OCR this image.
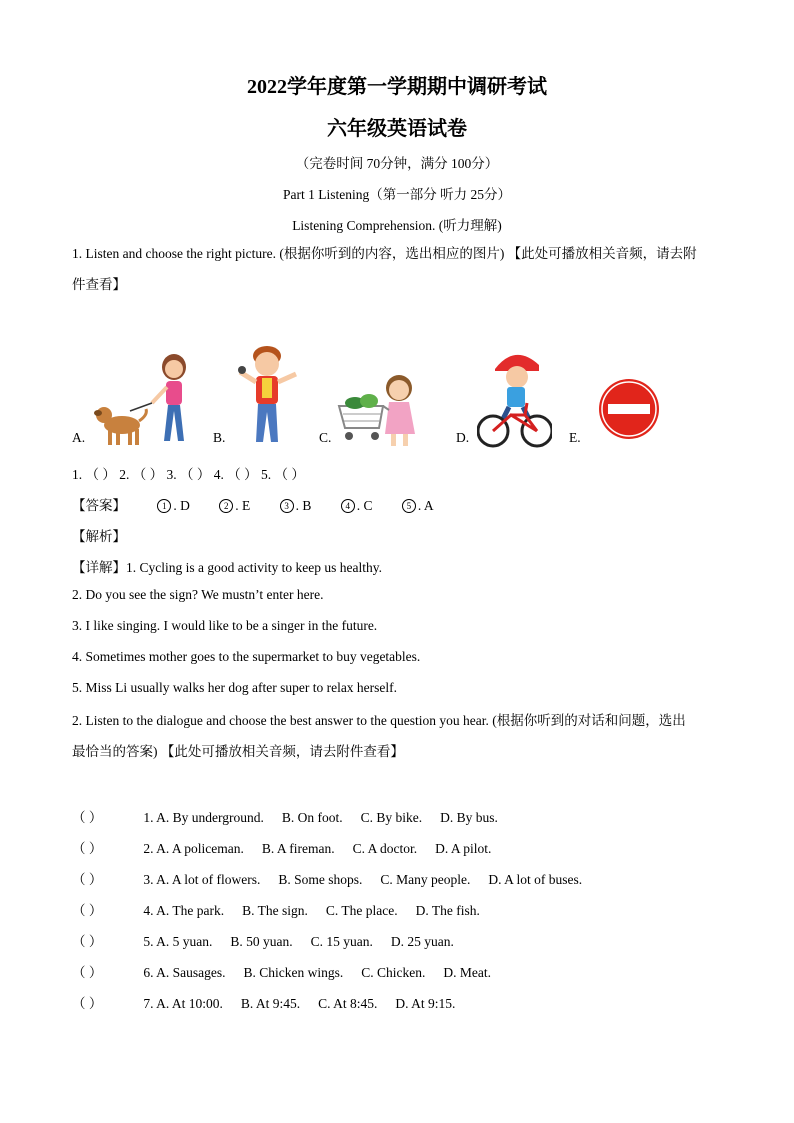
2022学年度第一学期期中调研考试
六年级英语试卷
（完卷时间 70分钟，满分 100分）
Part 1 Listening（第一部分 听力 25分）
Listening Comprehension. (听力理解)
1. Listen and choose the right picture. (根据你听到的内容，选出相应的图片) 【此处可播放相关音频，请去附
件查看】
A.	B.	C.	D.	E.
1. （ ） 2. （ ） 3. （ ） 4. （ ） 5. （ ）
【答案】	1 . D	2 . E	3 . B	4 . C	5 . A
【解析】
【详解】1. Cycling is a good activity to keep us healthy.
2. Do you see the sign? We mustn’t enter here.
3. I like singing. I would like to be a singer in the future.
4. Sometimes mother goes to the supermarket to buy vegetables.
5. Miss Li usually walks her dog after super to relax herself.
2. Listen to the dialogue and choose the best answer to the question you hear. (根据你听到的对话和问题，选出
最恰当的答案) 【此处可播放相关音频，请去附件查看】
（ ）	1. A. By underground. B. On foot. C. By bike. D. By bus.
（ ）	2. A. A policeman. B. A fireman. C. A doctor. D. A pilot.
（ ）	3. A. A lot of flowers. B. Some shops. C. Many people. D. A lot of buses.
（ ）	4. A. The park. B. The sign. C. The place. D. The fish.
（ ）	5. A. 5 yuan. B. 50 yuan. C. 15 yuan. D. 25 yuan.
（ ）	6. A. Sausages. B. Chicken wings. C. Chicken. D. Meat.
（ ）	7. A. At 10:00. B. At 9:45. C. At 8:45. D. At 9:15.
